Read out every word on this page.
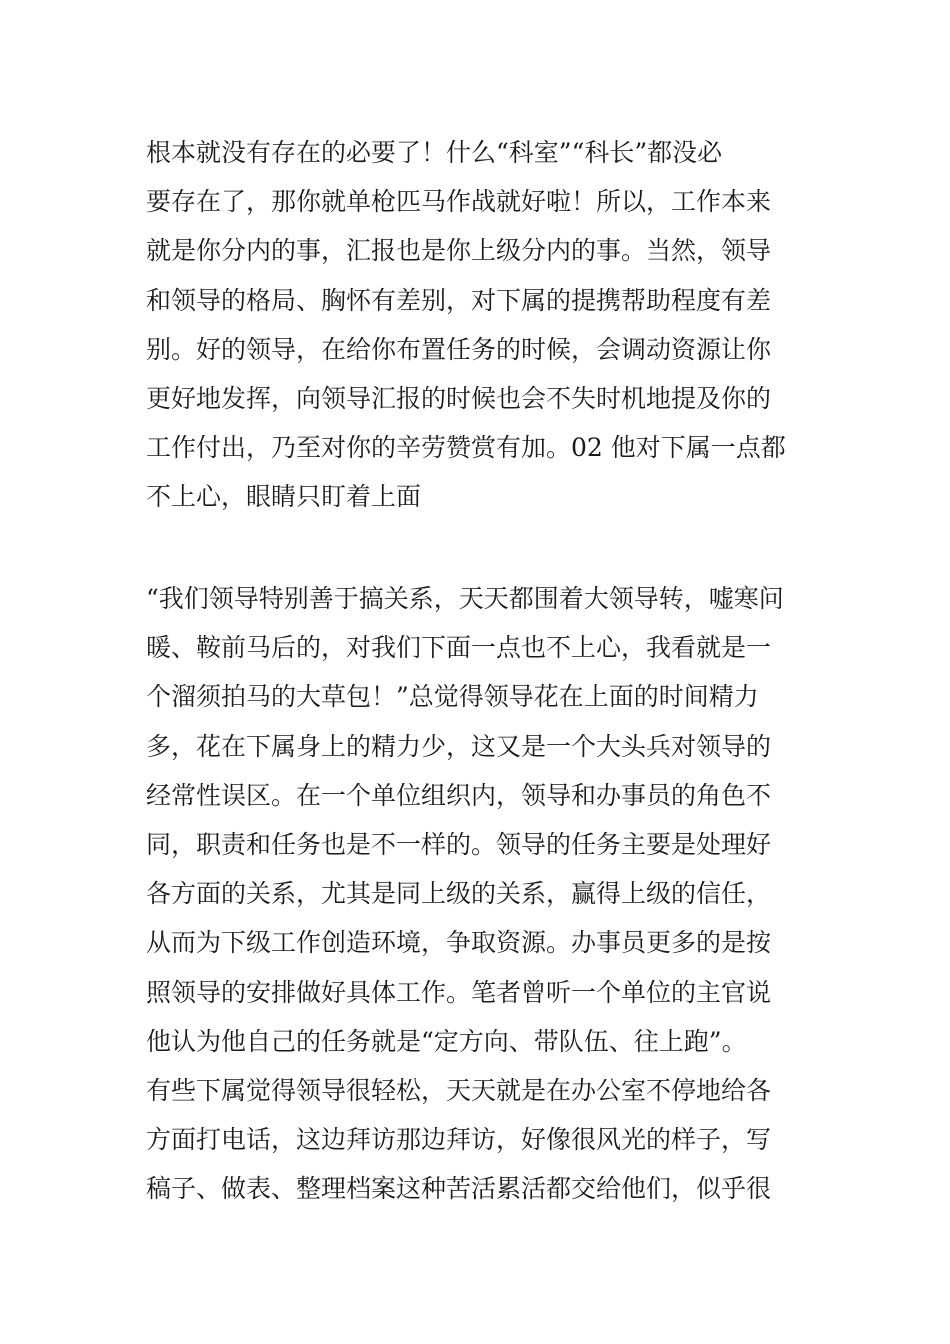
根本就没有存在的必要了！什么“科室”“科长”都没必
要存在了，那你就单枪匹马作战就好啦！所以，工作本来
就是你分内的事，汇报也是你上级分内的事。当然，领导
和领导的格局、胸怀有差别，对下属的提携帮助程度有差
别。好的领导，在给你布置任务的时候，会调动资源让你
更好地发挥，向领导汇报的时候也会不失时机地提及你的
工作付出，乃至对你的辛劳赞赏有加。02 他对下属一点都
不上心，眼睛只盯着上面
“我们领导特别善于搞关系，天天都围着大领导转，嘘寒问
暖、鞍前马后的，对我们下面一点也不上心，我看就是一
个溜须拍马的大草包！”总觉得领导花在上面的时间精力
多，花在下属身上的精力少，这又是一个大头兵对领导的
经常性误区。在一个单位组织内，领导和办事员的角色不
同，职责和任务也是不一样的。领导的任务主要是处理好
各方面的关系，尤其是同上级的关系，赢得上级的信任，
从而为下级工作创造环境，争取资源。办事员更多的是按
照领导的安排做好具体工作。笔者曾听一个单位的主官说
他认为他自己的任务就是“定方向、带队伍、往上跑”。
有些下属觉得领导很轻松，天天就是在办公室不停地给各
方面打电话，这边拜访那边拜访，好像很风光的样子，写
稿子、做表、整理档案这种苦活累活都交给他们，似乎很
